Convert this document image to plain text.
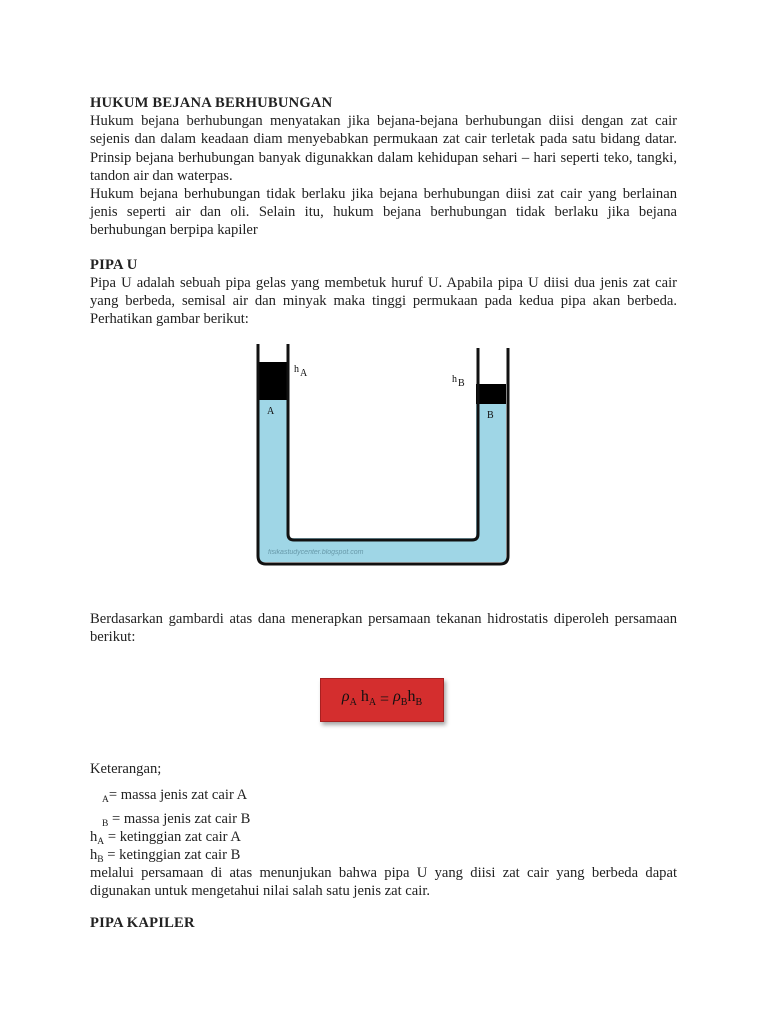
HUKUM BEJANA BERHUBUNGAN

Hukum bejana berhubungan menyatakan jika bejana-bejana berhubungan diisi dengan zat cair sejenis dan dalam keadaan diam menyebabkan permukaan zat cair terletak pada satu bidang datar. Prinsip bejana berhubungan banyak digunakkan dalam kehidupan sehari – hari seperti teko, tangki, tandon air dan waterpas.

Hukum bejana berhubungan tidak berlaku jika bejana berhubungan diisi zat cair yang berlainan jenis seperti air dan oli. Selain itu, hukum bejana berhubungan tidak berlaku jika bejana berhubungan berpipa kapiler

PIPA U

Pipa U adalah sebuah pipa gelas yang membetuk huruf U. Apabila pipa U diisi dua jenis zat cair yang berbeda, semisal air dan minyak maka tinggi permukaan pada kedua pipa akan berbeda. Perhatikan gambar berikut:

h A
h B
A	B
fisikastudycenter.blogspot.com

Berdasarkan gambardi atas dana menerapkan persamaan tekanan hidrostatis diperoleh persamaan berikut:

$\rho_A$
$h_A = \rho_B$ $h_B$
Keterangan;
$_A$= massa jenis zat cair A
$_B$ = massa jenis zat cair B
$h_A$ = ketinggian zat cair A
$h_B$ = ketinggian zat cair B

melalui persamaan di atas menunjukan bahwa pipa U yang diisi zat cair yang berbeda dapat digunakan untuk mengetahui nilai salah satu jenis zat cair.

PIPA KAPILER
